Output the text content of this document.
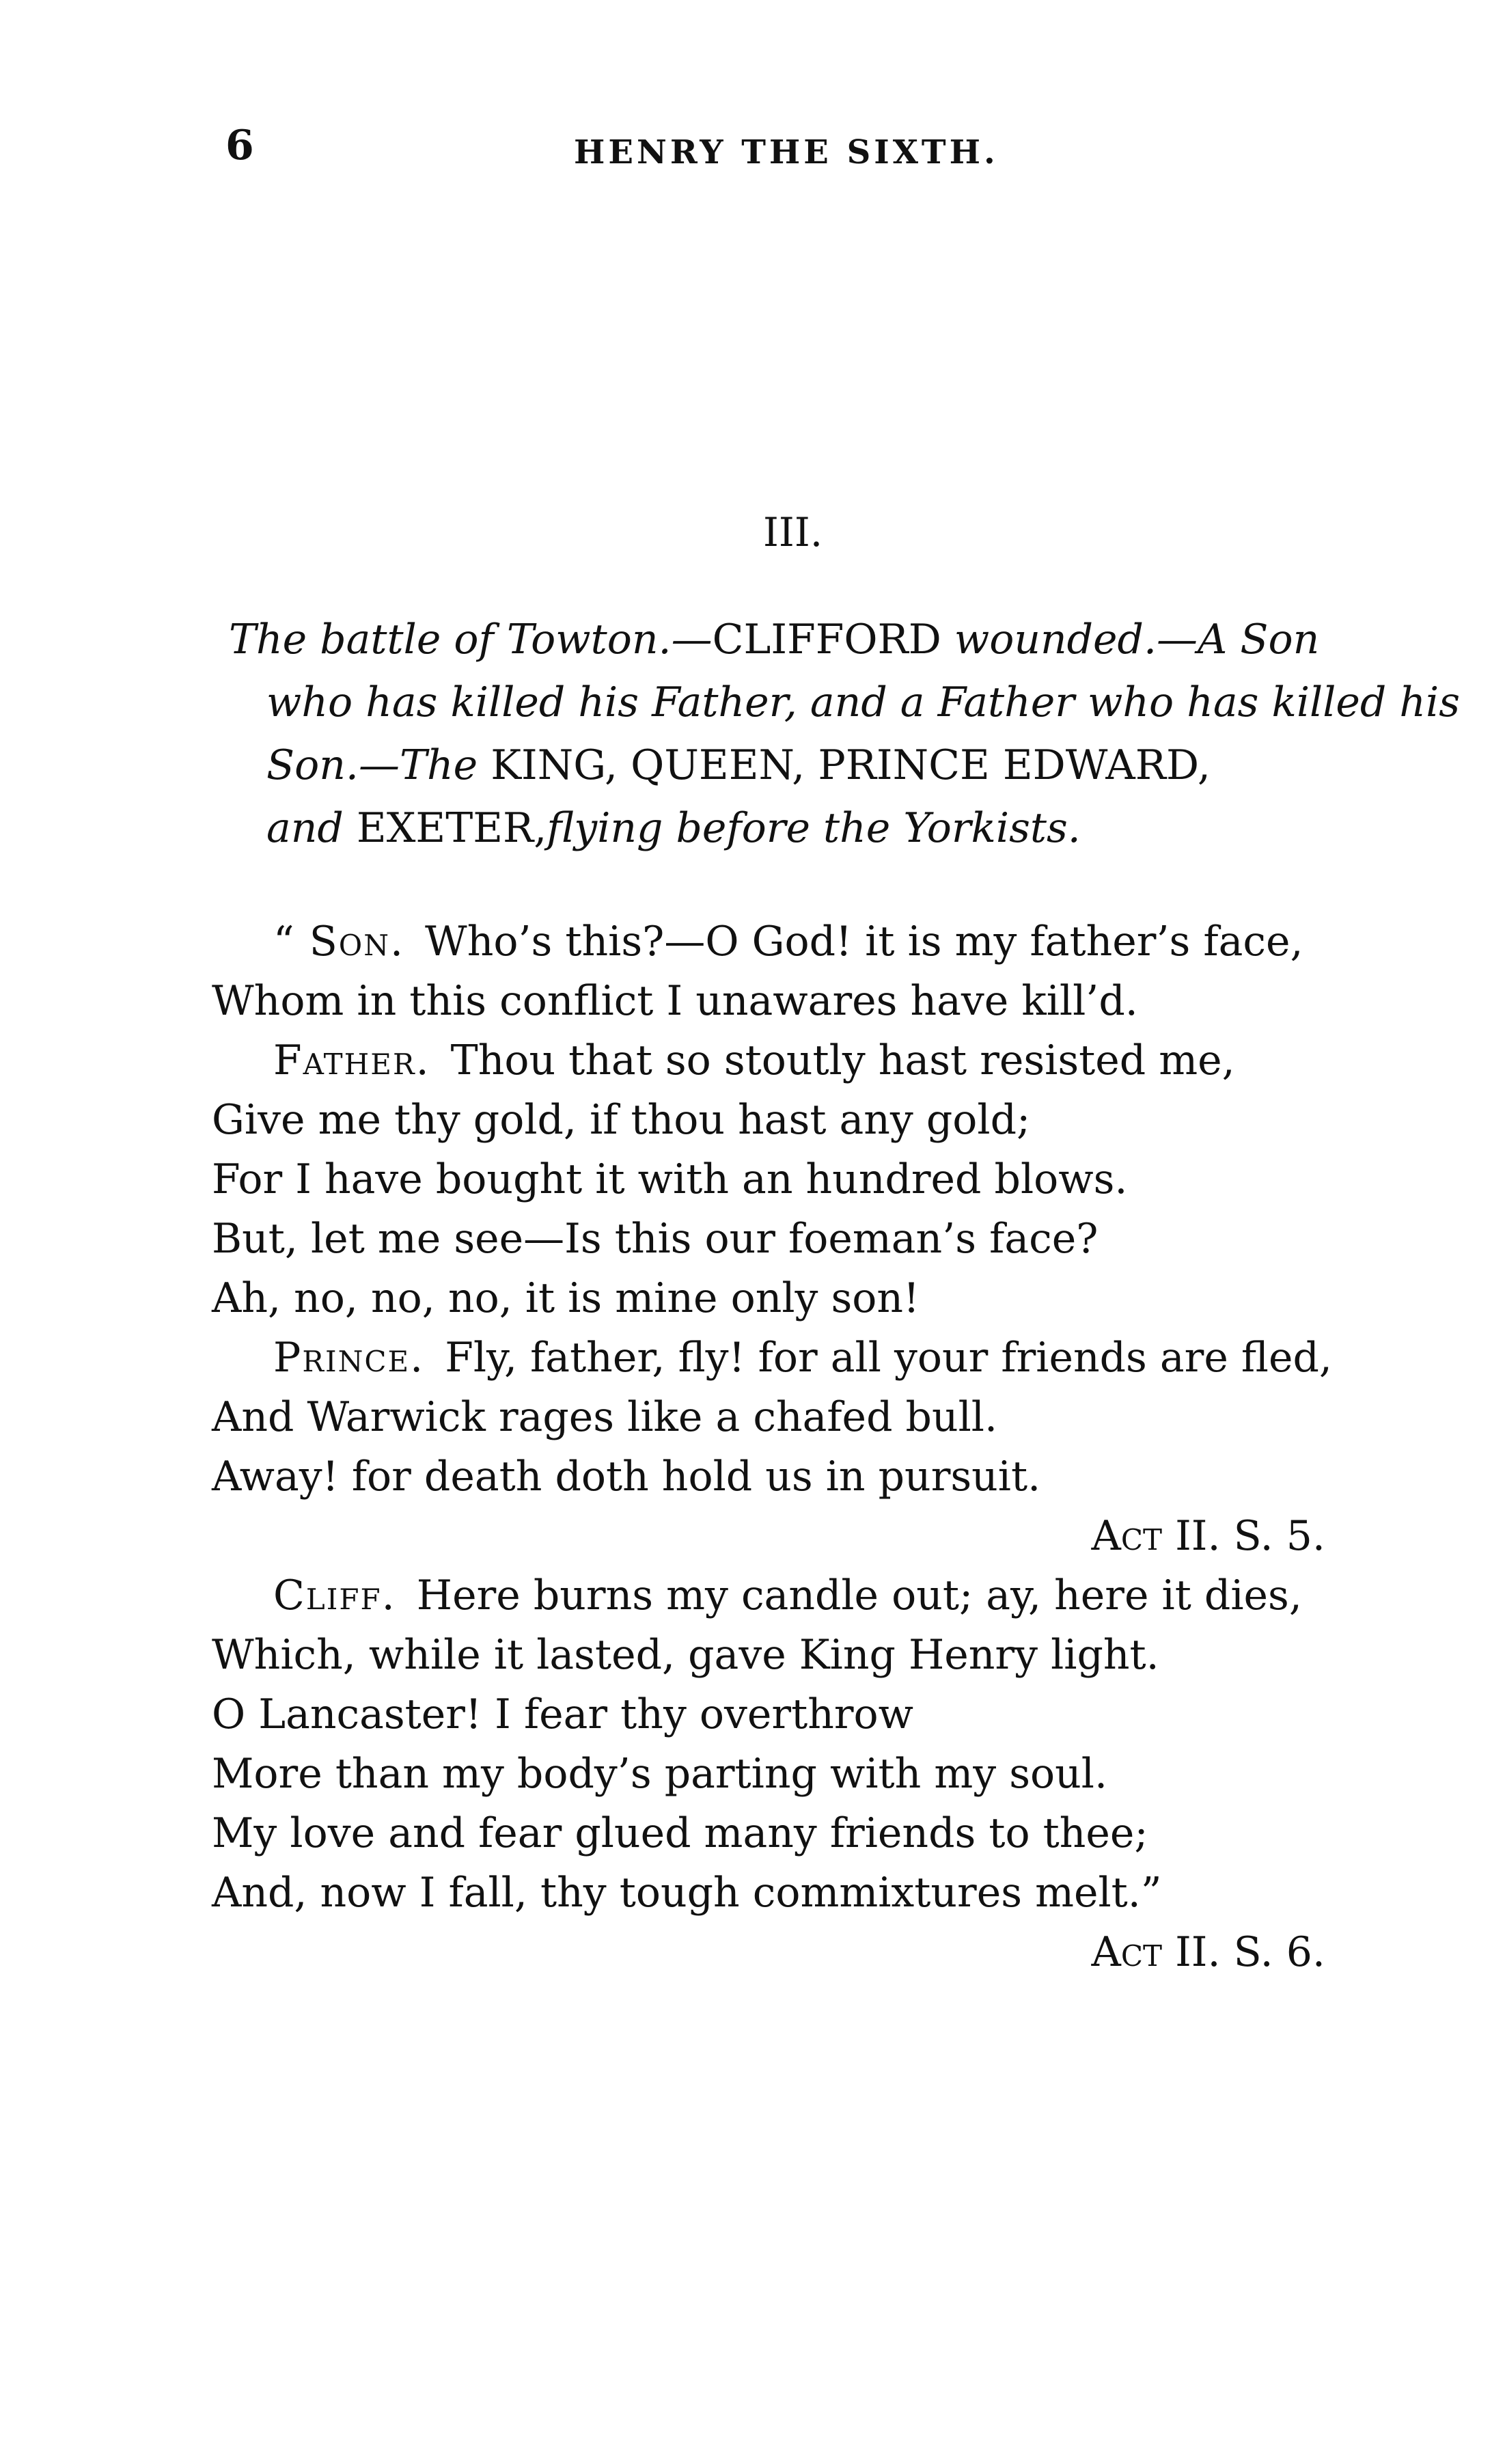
6	HENRY THE SIXTH.
III.
The battle of Towton.—CLIFFORD wounded.—A Son
who has killed his Father, and a Father who has killed his
Son.—The KING, QUEEN, PRINCE EDWARD,
and EXETER,flying before the Yorkists.
“ Son. Who’s this?—O God! it is my father’s face,
Whom in this conflict I unawares have kill’d.
Father. Thou that so stoutly hast resisted me,
Give me thy gold, if thou hast any gold;
For I have bought it with an hundred blows.
But, let me see—Is this our foeman’s face?
Ah, no, no, no, it is mine only son!
Prince. Fly, father, fly! for all your friends are fled,
And Warwick rages like a chafed bull.
Away! for death doth hold us in pursuit.
Act II. S. 5.
Cliff. Here burns my candle out; ay, here it dies,
Which, while it lasted, gave King Henry light.
O Lancaster! I fear thy overthrow
More than my body’s parting with my soul.
My love and fear glued many friends to thee;
And, now I fall, thy tough commixtures melt.”
Act II. S. 6.
